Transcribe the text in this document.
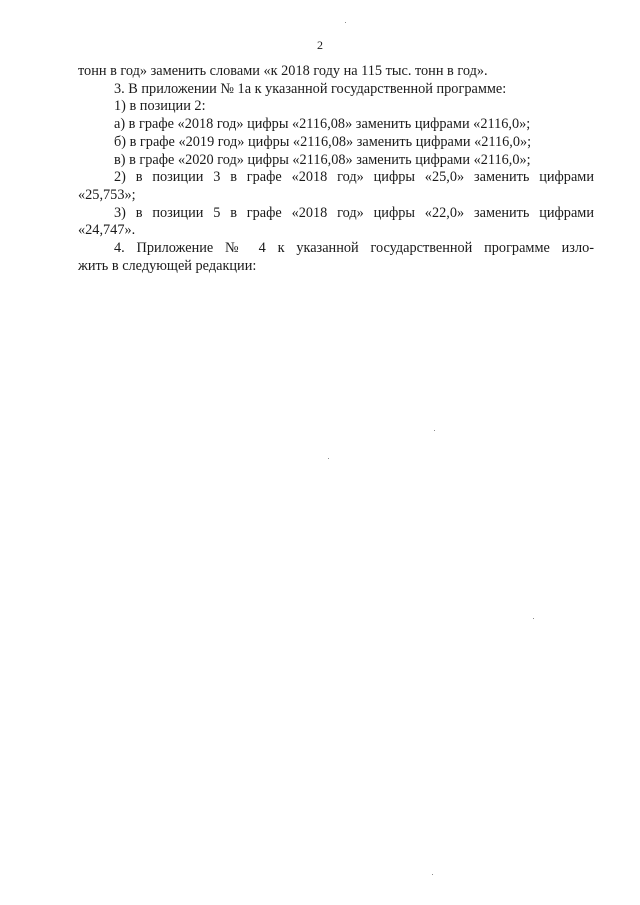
2

тонн в год» заменить словами «к 2018 году на 115 тыс. тонн в год».

3. В приложении № 1а к указанной государственной программе:

1) в позиции 2:

а) в графе «2018 год» цифры «2116,08» заменить цифрами «2116,0»;

б) в графе «2019 год» цифры «2116,08» заменить цифрами «2116,0»;

в) в графе «2020 год» цифры «2116,08» заменить цифрами «2116,0»;

2) в позиции 3 в графе «2018 год» цифры «25,0» заменить цифрами

«25,753»;

3) в позиции 5 в графе «2018 год» цифры «22,0» заменить цифрами

«24,747».

4. Приложение № 4 к указанной государственной программе изло-

жить в следующей редакции:
